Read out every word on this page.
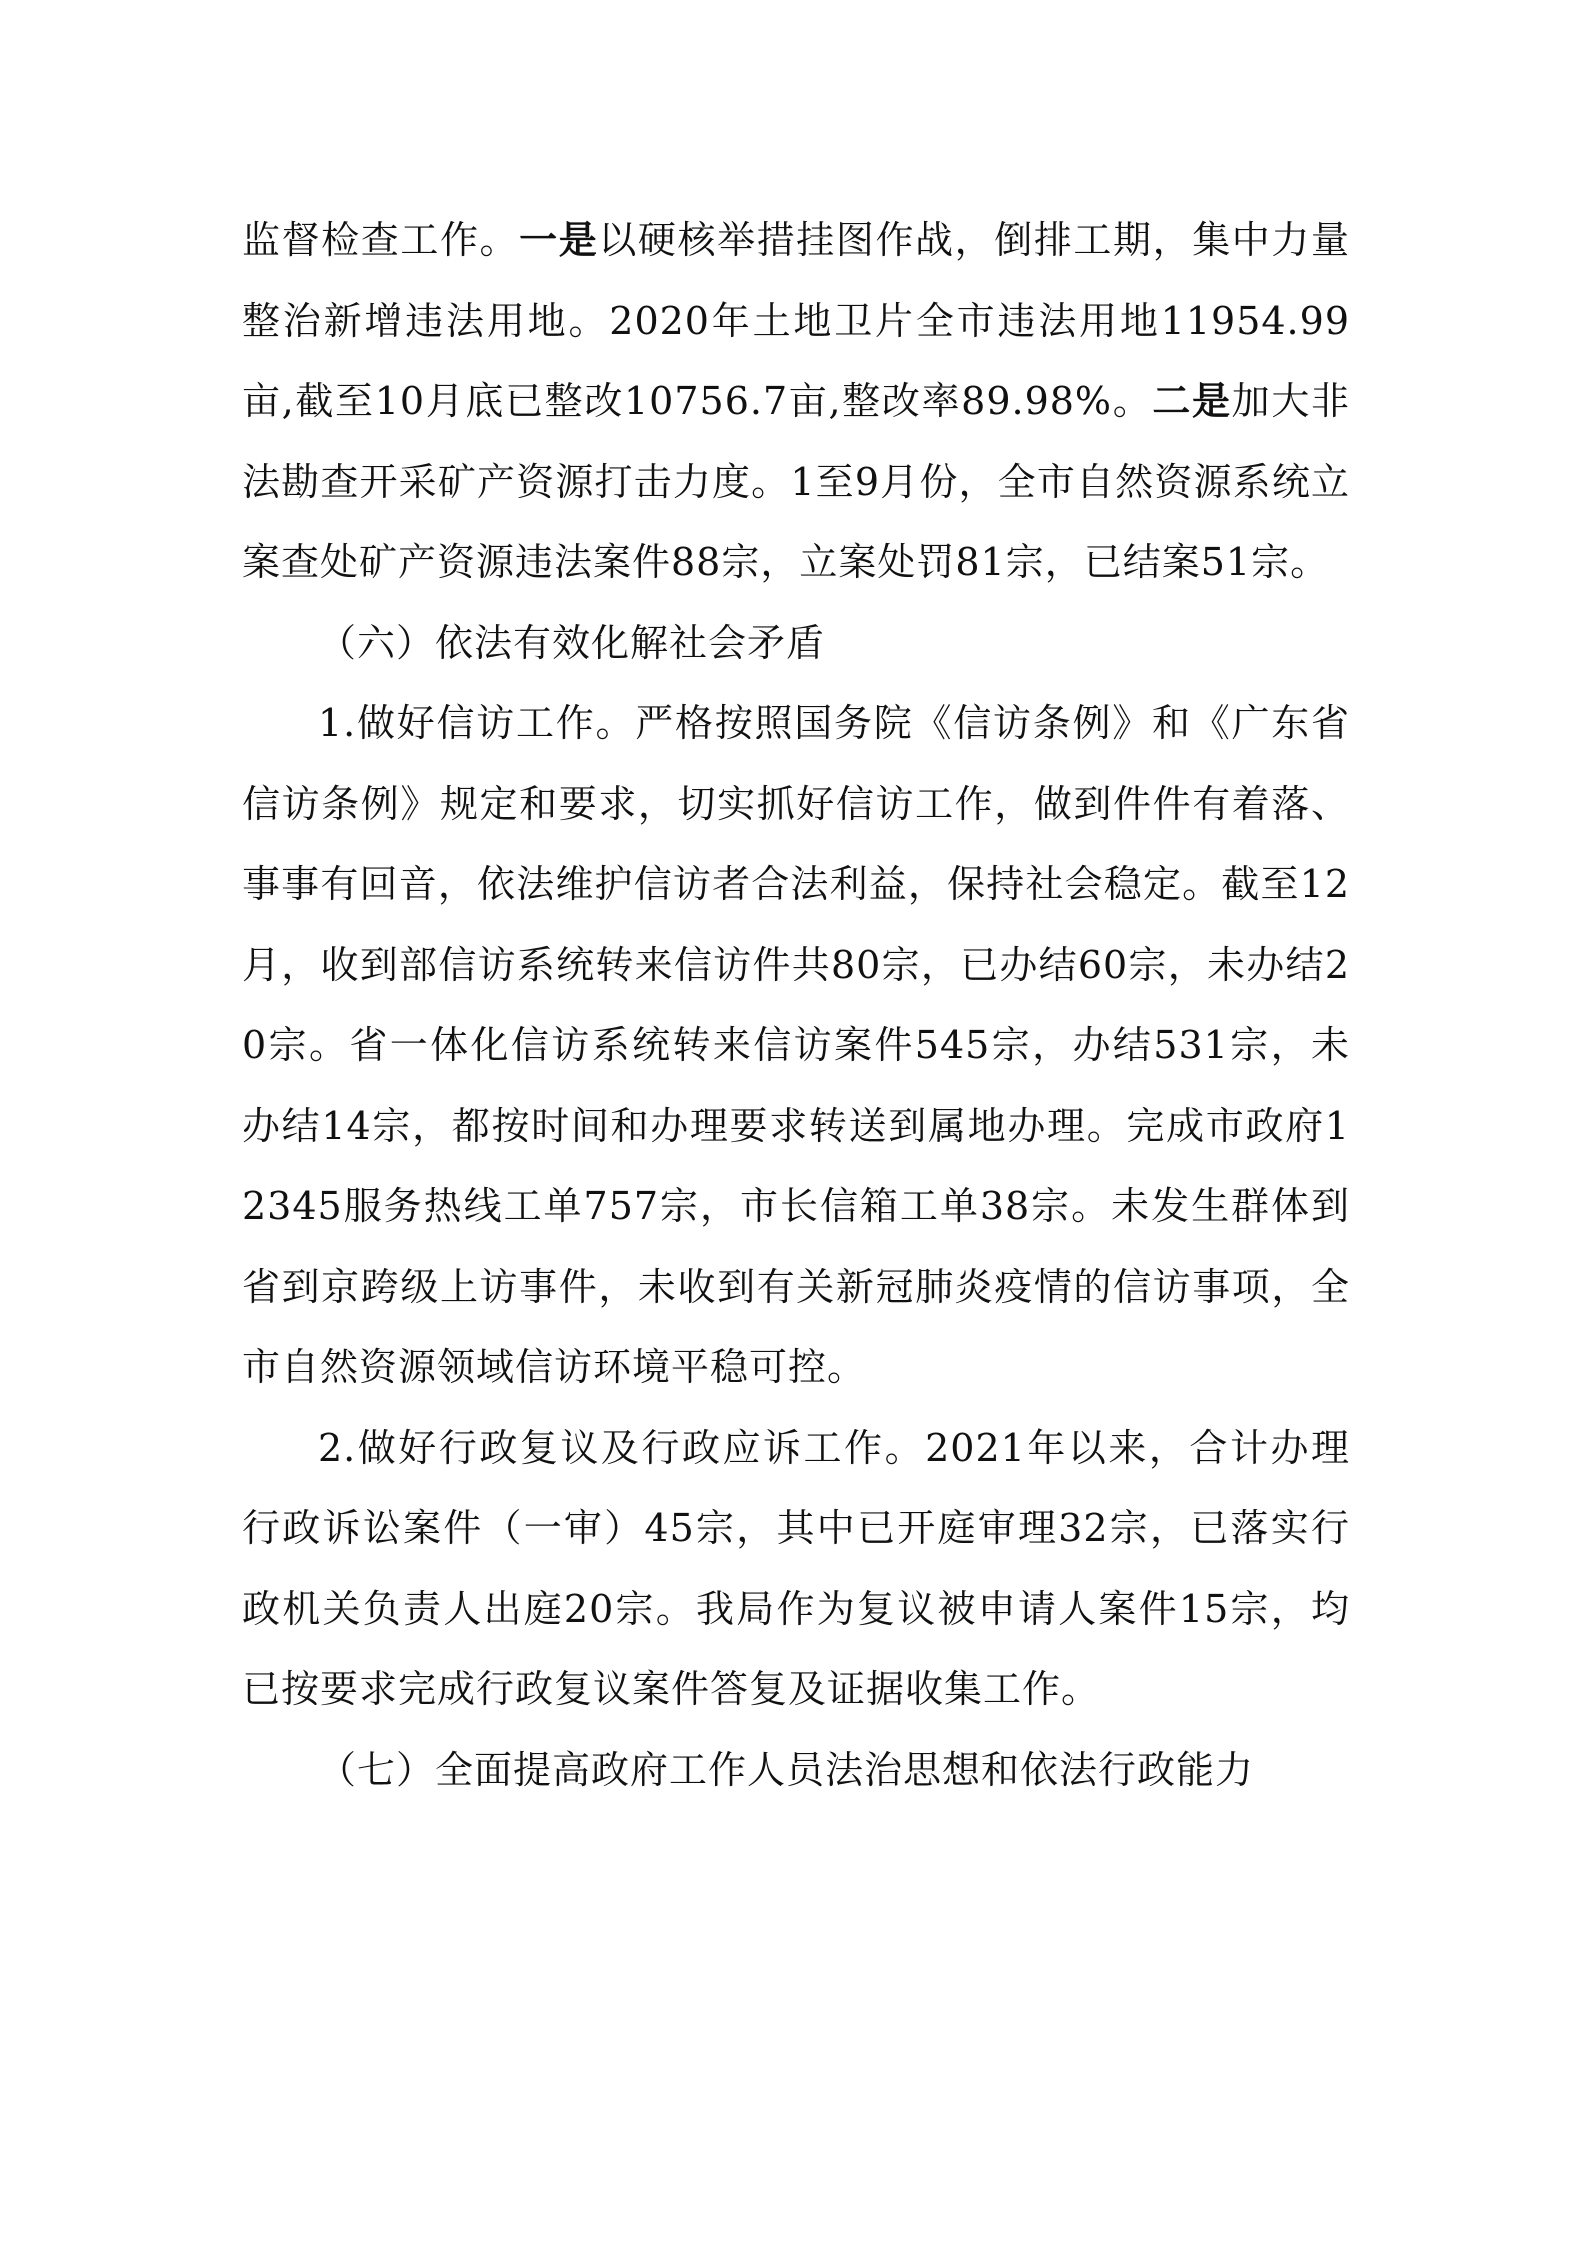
监督检查工作。一是以硬核举措挂图作战，倒排工期，集中力量整治新增违法用地。2020年土地卫片全市违法用地11954.99亩,截至10月底已整改10756.7亩,整改率89.98%。二是加大非法勘查开采矿产资源打击力度。1至9月份，全市自然资源系统立案查处矿产资源违法案件88宗，立案处罚81宗，已结案51宗。

（六）依法有效化解社会矛盾

1.做好信访工作。严格按照国务院《信访条例》和《广东省信访条例》规定和要求，切实抓好信访工作，做到件件有着落、事事有回音，依法维护信访者合法利益，保持社会稳定。截至12月，收到部信访系统转来信访件共80宗，已办结60宗，未办结20宗。省一体化信访系统转来信访案件545宗，办结531宗，未办结14宗，都按时间和办理要求转送到属地办理。完成市政府12345服务热线工单757宗，市长信箱工单38宗。未发生群体到省到京跨级上访事件，未收到有关新冠肺炎疫情的信访事项，全市自然资源领域信访环境平稳可控。

2.做好行政复议及行政应诉工作。2021年以来，合计办理行政诉讼案件（一审）45宗，其中已开庭审理32宗，已落实行政机关负责人出庭20宗。我局作为复议被申请人案件15宗，均已按要求完成行政复议案件答复及证据收集工作。

（七）全面提高政府工作人员法治思想和依法行政能力
